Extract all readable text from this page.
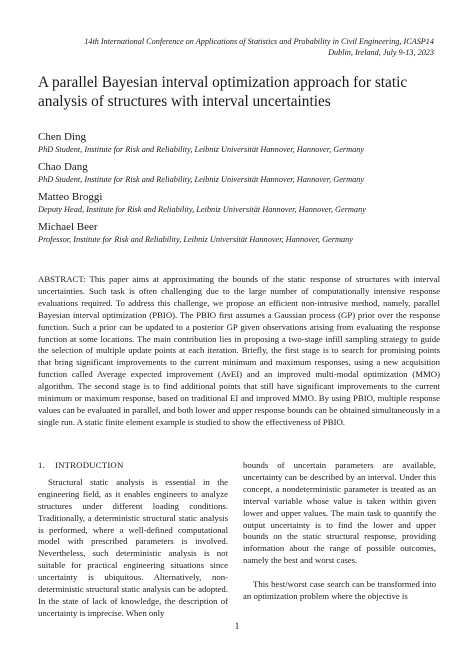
14th International Conference on Applications of Statistics and Probability in Civil Engineering, ICASP14
Dublin, Ireland, July 9-13, 2023
A parallel Bayesian interval optimization approach for static analysis of structures with interval uncertainties
Chen Ding
PhD Student, Institute for Risk and Reliability, Leibniz Universität Hannover, Hannover, Germany
Chao Dang
PhD Student, Institute for Risk and Reliability, Leibniz Universität Hannover, Hannover, Germany
Matteo Broggi
Deputy Head, Institute for Risk and Reliability, Leibniz Universität Hannover, Hannover, Germany
Michael Beer
Professor, Institute for Risk and Reliability, Leibniz Universität Hannover, Hannover, Germany

ABSTRACT: This paper aims at approximating the bounds of the static response of structures with interval uncertainties. Such task is often challenging due to the large number of computationally intensive response evaluations required. To address this challenge, we propose an efficient non-intrusive method, namely, parallel Bayesian interval optimization (PBIO). The PBIO first assumes a Gaussian process (GP) prior over the response function. Such a prior can be updated to a posterior GP given observations arising from evaluating the response function at some locations. The main contribution lies in proposing a two-stage infill sampling strategy to guide the selection of multiple update points at each iteration. Briefly, the first stage is to search for promising points that bring significant improvements to the current minimum and maximum responses, using a new acquisition function called Average expected improvement (AvEI) and an improved multi-modal optimization (MMO) algorithm. The second stage is to find additional points that still have significant improvements to the current minimum or maximum response, based on traditional EI and improved MMO. By using PBIO, multiple response values can be evaluated in parallel, and both lower and upper response bounds can be obtained simultaneously in a single run. A static finite element example is studied to show the effectiveness of PBIO.

1. INTRODUCTION

Structural static analysis is essential in the engineering field, as it enables engineers to analyze structures under different loading conditions. Traditionally, a deterministic structural static analysis is performed, where a well-defined computational model with prescribed parameters is involved. Nevertheless, such deterministic analysis is not suitable for practical engineering situations since uncertainty is ubiquitous. Alternatively, non-deterministic structural static analysis can be adopted. In the state of lack of knowledge, the description of uncertainty is imprecise. When only

bounds of uncertain parameters are available, uncertainty can be described by an interval. Under this concept, a nondeterministic parameter is treated as an interval variable whose value is taken within given lower and upper values. The main task to quantify the output uncertainty is to find the lower and upper bounds on the static structural response, providing information about the range of possible outcomes, namely the best and worst cases.

This best/worst case search can be transformed into an optimization problem where the objective is

1
